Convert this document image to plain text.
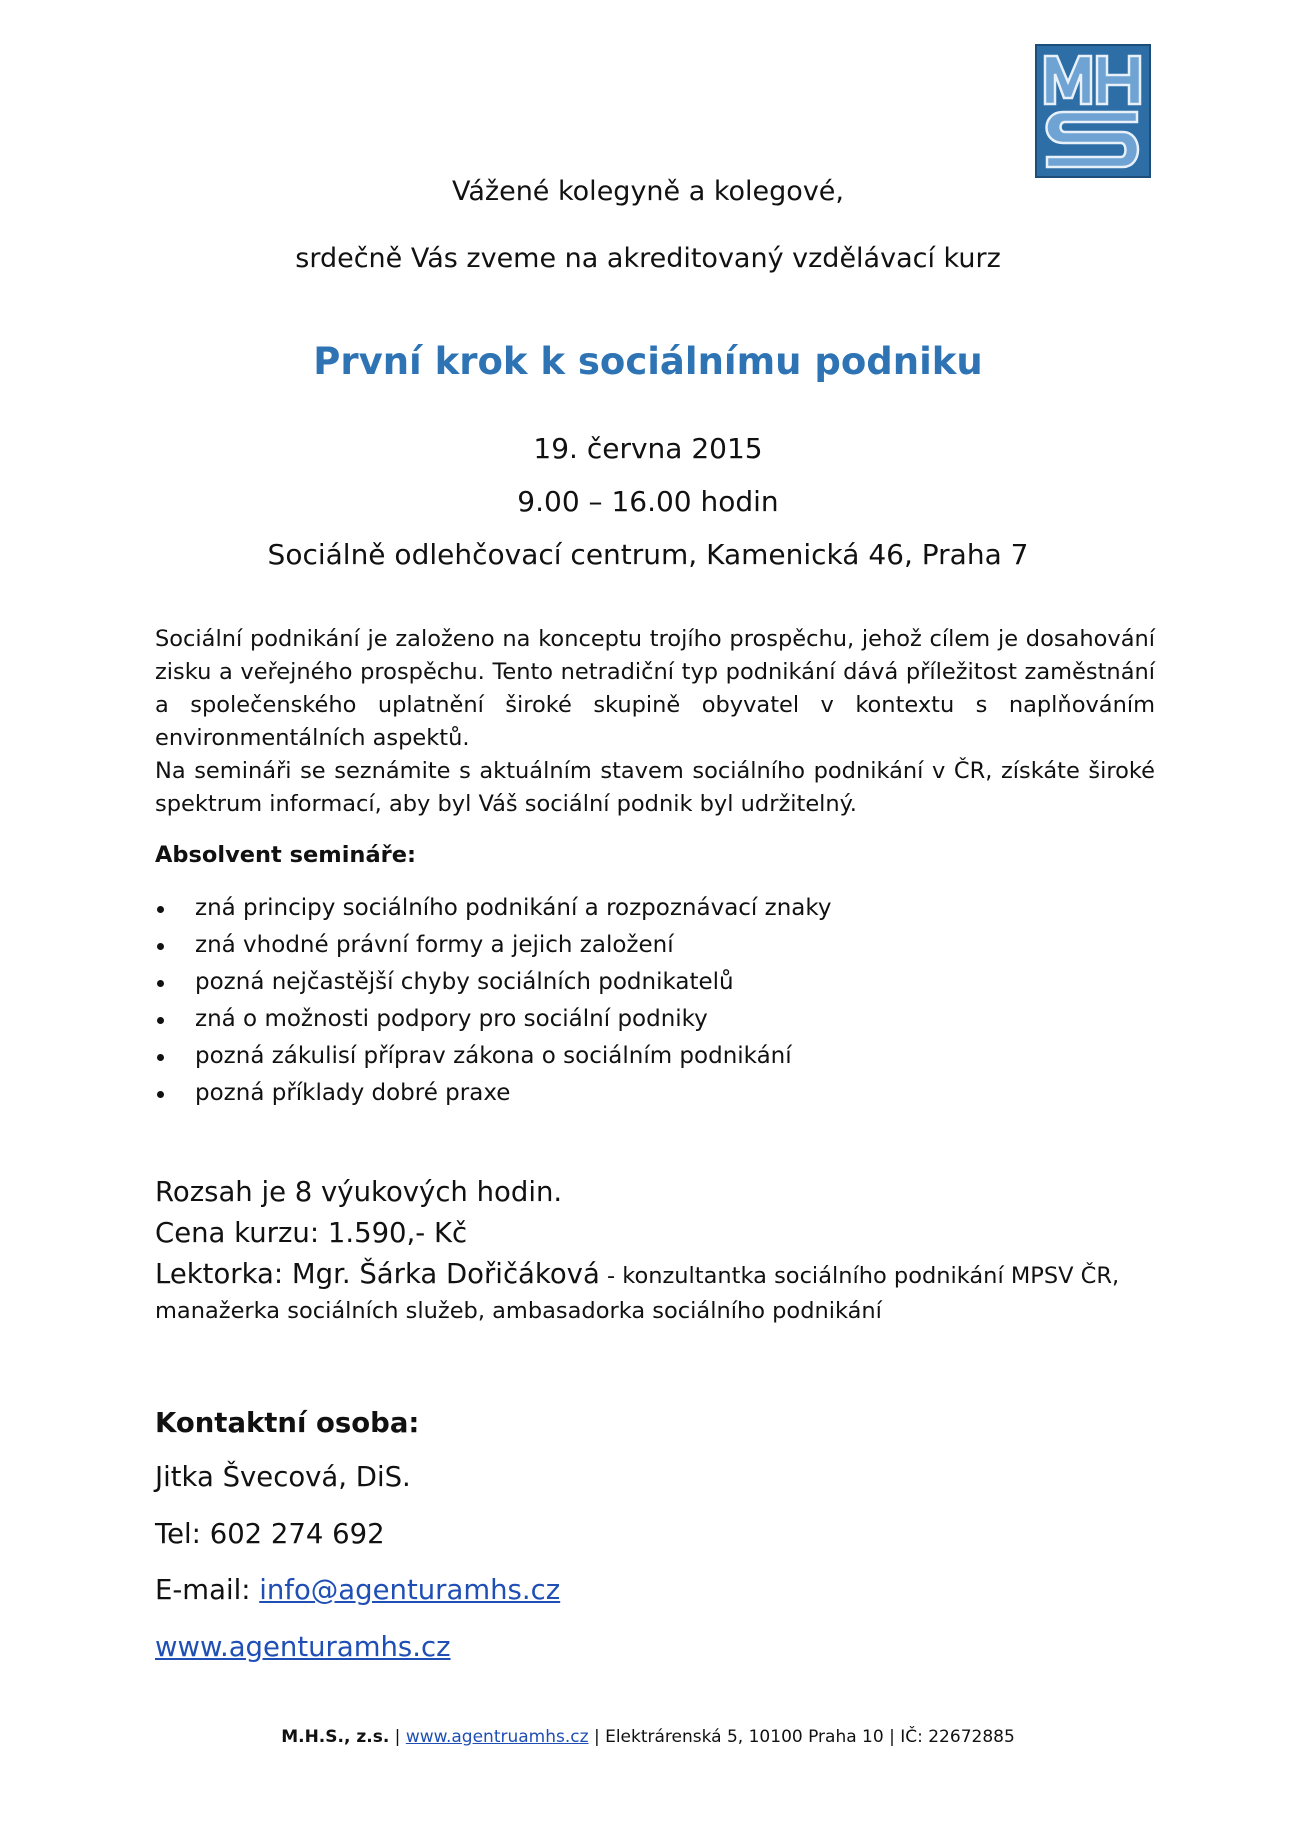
Vážené kolegyně a kolegové,
srdečně Vás zveme na akreditovaný vzdělávací kurz
První krok k sociálnímu podniku
19. června 2015
9.00 – 16.00 hodin
Sociálně odlehčovací centrum, Kamenická 46, Praha 7

Sociální podnikání je založeno na konceptu trojího prospěchu, jehož cílem je dosahování zisku a veřejného prospěchu. Tento netradiční typ podnikání dává příležitost zaměstnání a společenského uplatnění široké skupině obyvatel v kontextu s naplňováním environmentálních aspektů.

Na semináři se seznámite s aktuálním stavem sociálního podnikání v ČR, získáte široké spektrum informací, aby byl Váš sociální podnik byl udržitelný.

Absolvent semináře:
zná principy sociálního podnikání a rozpoznávací znaky
zná vhodné právní formy a jejich založení
pozná nejčastější chyby sociálních podnikatelů
zná o možnosti podpory pro sociální podniky
pozná zákulisí příprav zákona o sociálním podnikání
pozná příklady dobré praxe
Rozsah je 8 výukových hodin.
Cena kurzu: 1.590,- Kč
Lektorka: Mgr. Šárka Dořičáková - konzultantka sociálního podnikání MPSV ČR,
manažerka sociálních služeb, ambasadorka sociálního podnikání
Kontaktní osoba:
Jitka Švecová, DiS.
Tel: 602 274 692
E-mail: info@agenturamhs.cz
www.agenturamhs.cz
M.H.S., z.s. | www.agentruamhs.cz | Elektrárenská 5, 10100 Praha 10 | IČ: 22672885
